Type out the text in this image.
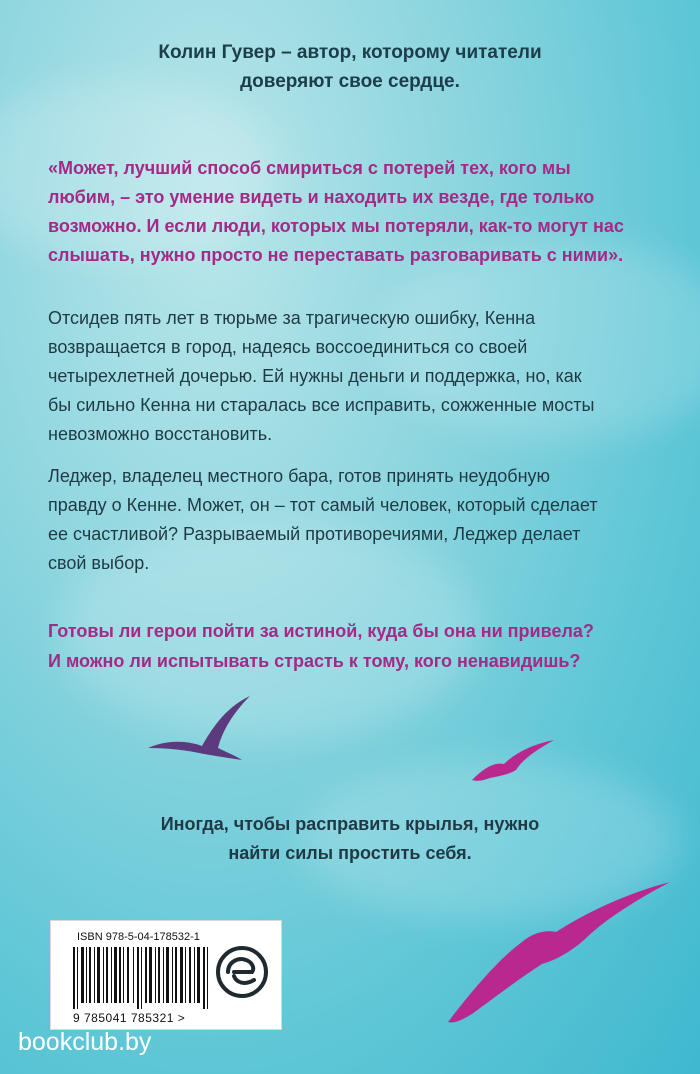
Колин Гувер – автор, которому читатели
доверяют свое сердце.
«Может, лучший способ смириться с потерей тех, кого мы
любим, – это умение видеть и находить их везде, где только
возможно. И если люди, которых мы потеряли, как-то могут нас
слышать, нужно просто не переставать разговаривать с ними».
Отсидев пять лет в тюрьме за трагическую ошибку, Кенна
возвращается в город, надеясь воссоединиться со своей
четырехлетней дочерью. Ей нужны деньги и поддержка, но, как
бы сильно Кенна ни старалась все исправить, сожженные мосты
невозможно восстановить.
Леджер, владелец местного бара, готов принять неудобную
правду о Кенне. Может, он – тот самый человек, который сделает
ее счастливой? Разрываемый противоречиями, Леджер делает
свой выбор.
Готовы ли герои пойти за истиной, куда бы она ни привела?
И можно ли испытывать страсть к тому, кого ненавидишь?
Иногда, чтобы расправить крылья, нужно
найти силы простить себя.
ISBN 978-5-04-178532-1
9 785041 785321 >
bookclub.by
